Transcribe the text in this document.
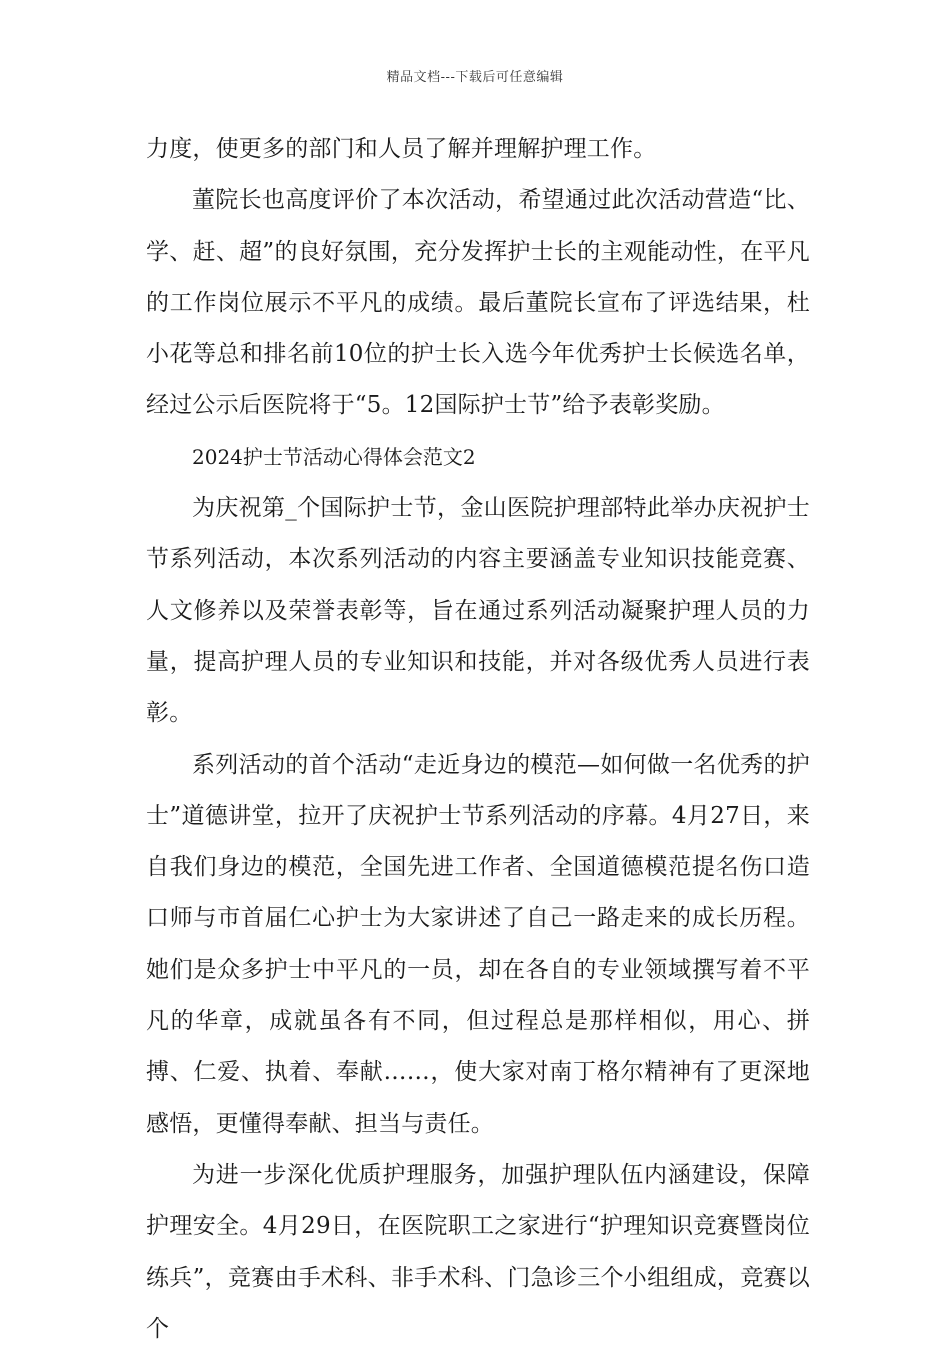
精品文档---下载后可任意编辑

力度，使更多的部门和人员了解并理解护理工作。

董院长也高度评价了本次活动，希望通过此次活动营造“比、学、赶、超”的良好氛围，充分发挥护士长的主观能动性，在平凡的工作岗位展示不平凡的成绩。最后董院长宣布了评选结果，杜小花等总和排名前10位的护士长入选今年优秀护士长候选名单，经过公示后医院将于“5。12国际护士节”给予表彰奖励。

2024护士节活动心得体会范文2

为庆祝第_个国际护士节，金山医院护理部特此举办庆祝护士节系列活动，本次系列活动的内容主要涵盖专业知识技能竞赛、人文修养以及荣誉表彰等，旨在通过系列活动凝聚护理人员的力量，提高护理人员的专业知识和技能，并对各级优秀人员进行表彰。

系列活动的首个活动“走近身边的模范—如何做一名优秀的护士”道德讲堂，拉开了庆祝护士节系列活动的序幕。4月27日，来自我们身边的模范，全国先进工作者、全国道德模范提名伤口造口师与市首届仁心护士为大家讲述了自己一路走来的成长历程。她们是众多护士中平凡的一员，却在各自的专业领域撰写着不平凡的华章，成就虽各有不同，但过程总是那样相似，用心、拼搏、仁爱、执着、奉献……，使大家对南丁格尔精神有了更深地感悟，更懂得奉献、担当与责任。

为进一步深化优质护理服务，加强护理队伍内涵建设，保障护理安全。4月29日，在医院职工之家进行“护理知识竞赛暨岗位练兵”，竞赛由手术科、非手术科、门急诊三个小组组成，竞赛以个
